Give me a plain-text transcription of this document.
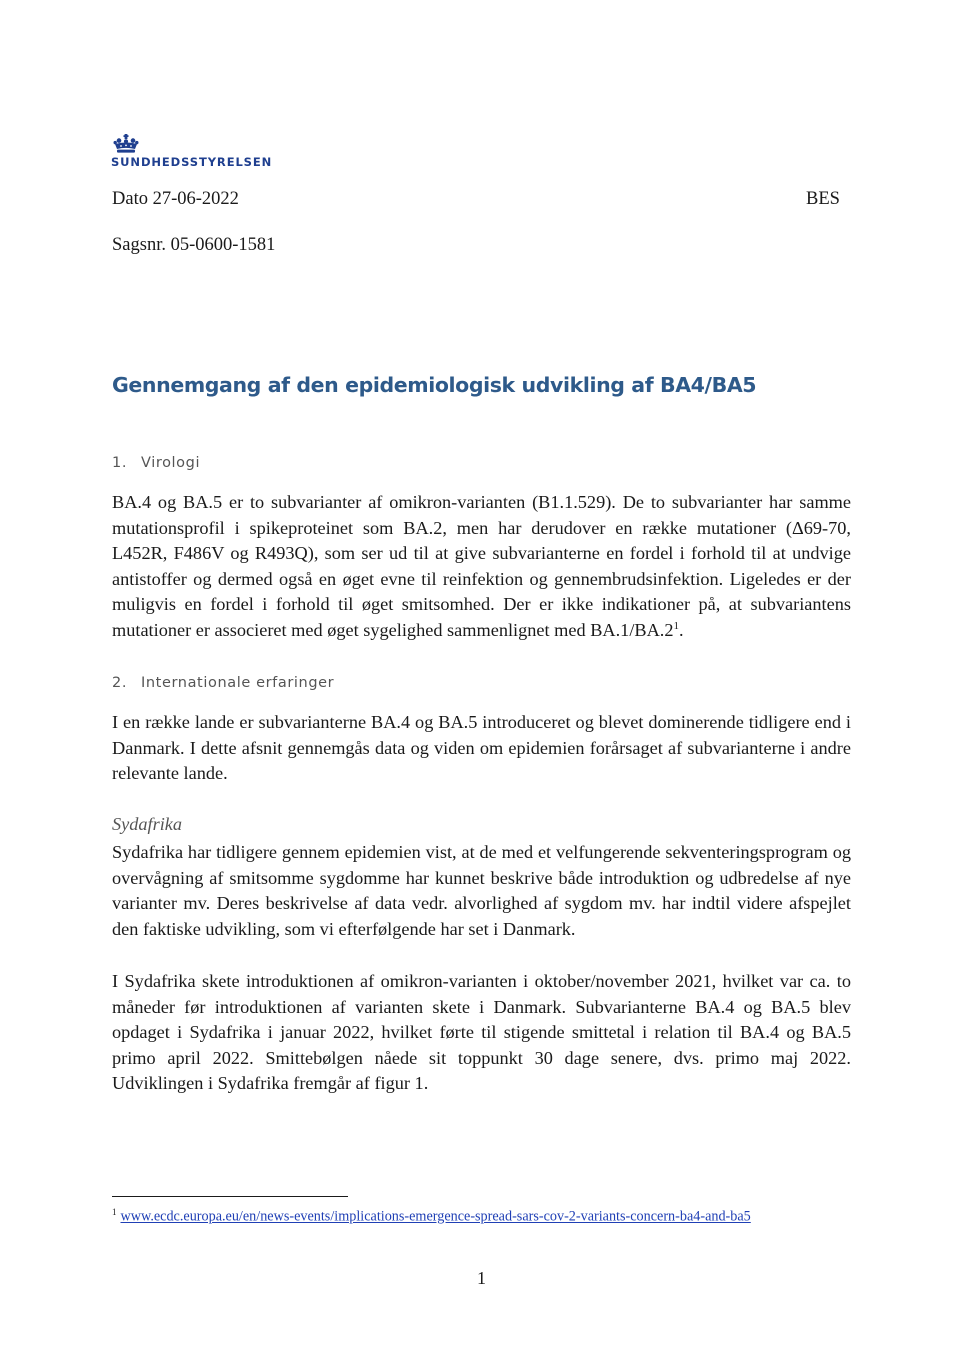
SUNDHEDSSTYRELSEN
Dato 27-06-2022	BES
Sagsnr. 05-0600-1581
Gennemgang af den epidemiologisk udvikling af BA4/BA5
1. Virologi
BA.4 og BA.5 er to subvarianter af omikron-varianten (B1.1.529). De to subvarianter har samme mutationsprofil i spikeproteinet som BA.2, men har derudover en række mutationer (Δ69-70, L452R, F486V og R493Q), som ser ud til at give subvarianterne en fordel i forhold til at undvige antistoffer og dermed også en øget evne til reinfektion og gennembrudsinfektion. Ligeledes er der muligvis en fordel i forhold til øget smitsomhed. Der er ikke indikationer på, at subvariantens mutationer er associeret med øget sygelighed sammenlignet med $BA.1/BA.2^1$.
2. Internationale erfaringer
I en række lande er subvarianterne BA.4 og BA.5 introduceret og blevet dominerende tidligere end i Danmark. I dette afsnit gennemgås data og viden om epidemien forårsaget af subvarianterne i andre relevante lande.
Sydafrika
Sydafrika har tidligere gennem epidemien vist, at de med et velfungerende sekventeringsprogram og overvågning af smitsomme sygdomme har kunnet beskrive både introduktion og udbredelse af nye varianter mv. Deres beskrivelse af data vedr. alvorlighed af sygdom mv. har indtil videre afspejlet den faktiske udvikling, som vi efterfølgende har set i Danmark.
I Sydafrika skete introduktionen af omikron-varianten i oktober/november 2021, hvilket var ca. to måneder før introduktionen af varianten skete i Danmark. Subvarianterne BA.4 og BA.5 blev opdaget i Sydafrika i januar 2022, hvilket førte til stigende smittetal i relation til BA.4 og BA.5 primo april 2022. Smittebølgen nåede sit toppunkt 30 dage senere, dvs. primo maj 2022. Udviklingen i Sydafrika fremgår af figur 1.
$^1$ www.ecdc.europa.eu/en/news-events/implications-emergence-spread-sars-cov-2-variants-concern-ba4-and-ba5
1
